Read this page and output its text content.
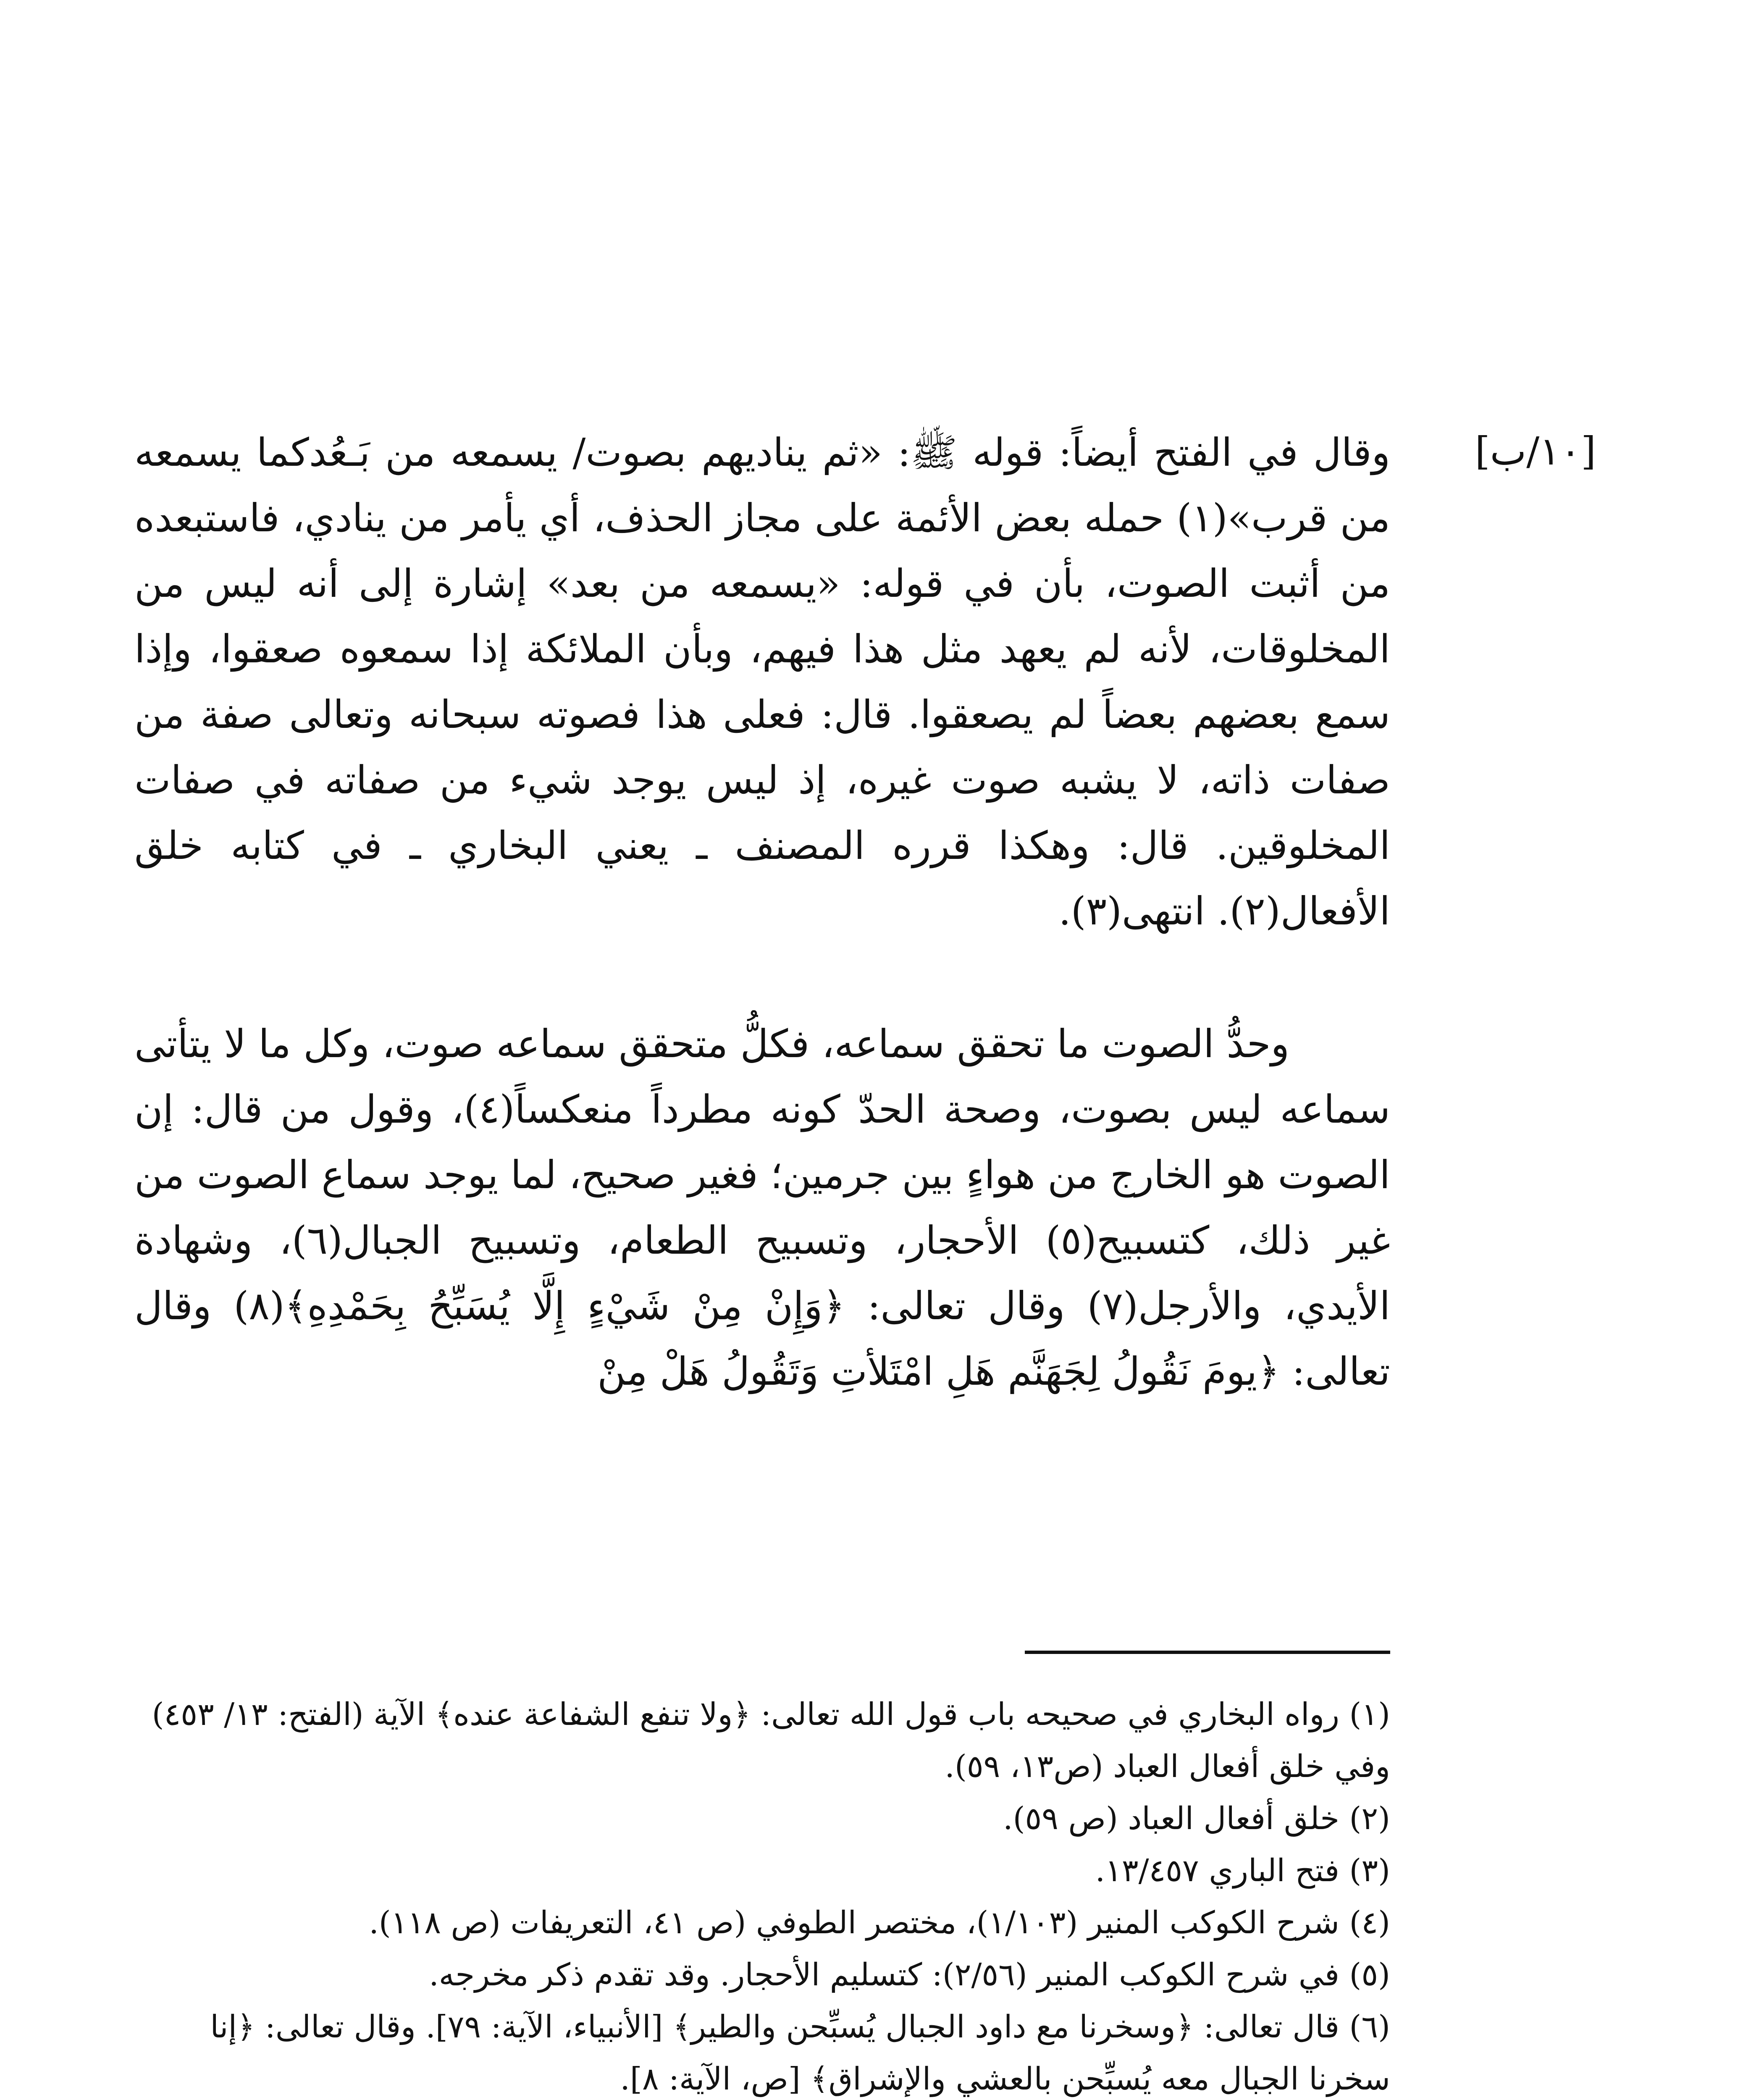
[١٠/ب]

وقال في الفتح أيضاً: قوله ﷺ: «ثم يناديهم بصوت/ يسمعه من بَـعُدكما يسمعه من قرب»(١) حمله بعض الأئمة على مجاز الحذف، أي يأمر من ينادي، فاستبعده من أثبت الصوت، بأن في قوله: «يسمعه من بعد» إشارة إلى أنه ليس من المخلوقات، لأنه لم يعهد مثل هذا فيهم، وبأن الملائكة إذا سمعوه صعقوا، وإذا سمع بعضهم بعضاً لم يصعقوا. قال: فعلى هذا فصوته سبحانه وتعالى صفة من صفات ذاته، لا يشبه صوت غيره، إذ ليس يوجد شيء من صفاته في صفات المخلوقين. قال: وهكذا قرره المصنف ـ يعني البخاري ـ في كتابه خلق الأفعال(٢). انتهى(٣).

وحدُّ الصوت ما تحقق سماعه، فكلُّ متحقق سماعه صوت، وكل ما لا يتأتى سماعه ليس بصوت، وصحة الحدّ كونه مطرداً منعكساً(٤)، وقول من قال: إن الصوت هو الخارج من هواءٍ بين جرمين؛ فغير صحيح، لما يوجد سماع الصوت من غير ذلك، كتسبيح(٥) الأحجار، وتسبيح الطعام، وتسبيح الجبال(٦)، وشهادة الأيدي، والأرجل(٧) وقال تعالى: ﴿وَإِنْ مِنْ شَيْءٍ إِلَّا يُسَبِّحُ بِحَمْدِهِ﴾(٨) وقال تعالى: ﴿يومَ نَقُولُ لِجَهَنَّم هَلِ امْتَلأتِ وَتَقُولُ هَلْ مِنْ

(١) رواه البخاري في صحيحه باب قول الله تعالى: ﴿ولا تنفع الشفاعة عنده﴾ الآية (الفتح: ١٣/ ٤٥٣) وفي خلق أفعال العباد (ص١٣، ٥٩).

(٢) خلق أفعال العباد (ص ٥٩).

(٣) فتح الباري ١٣/٤٥٧.

(٤) شرح الكوكب المنير (١/١٠٣)، مختصر الطوفي (ص ٤١، التعريفات (ص ١١٨).

(٥) في شرح الكوكب المنير (٢/٥٦): كتسليم الأحجار. وقد تقدم ذكر مخرجه.

(٦) قال تعالى: ﴿وسخرنا مع داود الجبال يُسبِّحن والطير﴾ [الأنبياء، الآية: ٧٩]. وقال تعالى: ﴿إنا سخرنا الجبال معه يُسبِّحن بالعشي والإشراق﴾ [ص، الآية: ٨].
